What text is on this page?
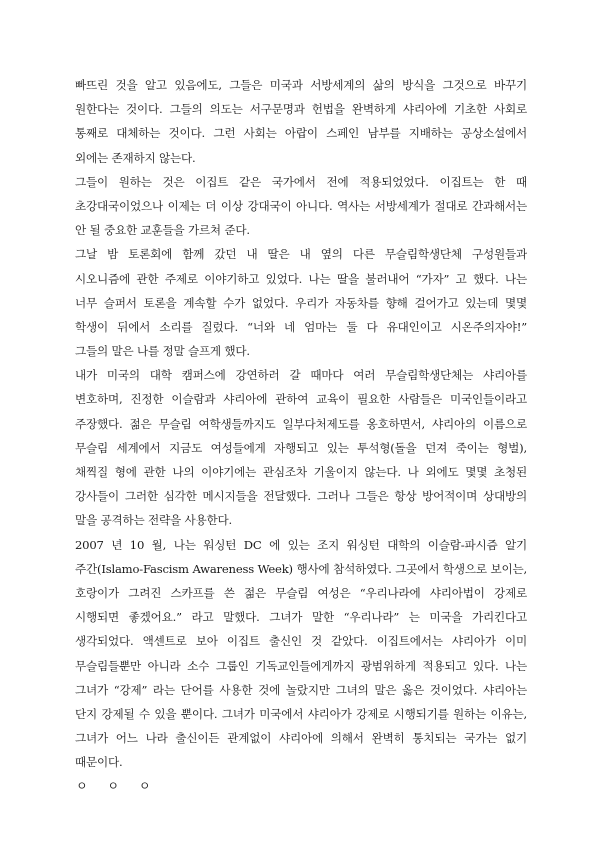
빠뜨린 것을 알고 있음에도, 그들은 미국과 서방세계의 삶의 방식을 그것으로 바꾸기
원한다는 것이다. 그들의 의도는 서구문명과 헌법을 완벽하게 샤리아에 기초한 사회로
통째로 대체하는 것이다. 그런 사회는 아랍이 스페인 남부를 지배하는 공상소설에서
외에는 존재하지 않는다.
그들이 원하는 것은 이집트 같은 국가에서 전에 적용되었었다. 이집트는 한 때
초강대국이었으나 이제는 더 이상 강대국이 아니다. 역사는 서방세계가 절대로 간과해서는
안 될 중요한 교훈들을 가르쳐 준다.
그날 밤 토론회에 함께 갔던 내 딸은 내 옆의 다른 무슬림학생단체 구성원들과
시오니즘에 관한 주제로 이야기하고 있었다. 나는 딸을 불러내어 “가자” 고 했다. 나는
너무 슬퍼서 토론을 계속할 수가 없었다. 우리가 자동차를 향해 걸어가고 있는데 몇몇
학생이 뒤에서 소리를 질렀다. “너와 네 엄마는 둘 다 유대인이고 시온주의자야!”
그들의 말은 나를 정말 슬프게 했다.
내가 미국의 대학 캠퍼스에 강연하러 갈 때마다 여러 무슬림학생단체는 샤리아를
변호하며, 진정한 이슬람과 샤리아에 관하여 교육이 필요한 사람들은 미국인들이라고
주장했다. 젊은 무슬림 여학생들까지도 일부다처제도를 옹호하면서, 샤리아의 이름으로
무슬림 세계에서 지금도 여성들에게 자행되고 있는 투석형(돌을 던져 죽이는 형벌),
채찍질 형에 관한 나의 이야기에는 관심조차 기울이지 않는다. 나 외에도 몇몇 초청된
강사들이 그러한 심각한 메시지들을 전달했다. 그러나 그들은 항상 방어적이며 상대방의
말을 공격하는 전략을 사용한다.
2007 년 10 월, 나는 워싱턴 DC 에 있는 조지 워싱턴 대학의 이슬람-파시즘 알기
주간(Islamo-Fascism Awareness Week) 행사에 참석하였다. 그곳에서 학생으로 보이는,
호랑이가 그려진 스카프를 쓴 젊은 무슬림 여성은 “우리나라에 샤리아법이 강제로
시행되면 좋겠어요.” 라고 말했다. 그녀가 말한 “우리나라” 는 미국을 가리킨다고
생각되었다. 액센트로 보아 이집트 출신인 것 같았다. 이집트에서는 샤리아가 이미
무슬림들뿐만 아니라 소수 그룹인 기독교인들에게까지 광범위하게 적용되고 있다. 나는
그녀가 “강제” 라는 단어를 사용한 것에 놀랐지만 그녀의 말은 옳은 것이었다. 샤리아는
단지 강제될 수 있을 뿐이다. 그녀가 미국에서 샤리아가 강제로 시행되기를 원하는 이유는,
그녀가 어느 나라 출신이든 관계없이 샤리아에 의해서 완벽히 통치되는 국가는 없기
때문이다.
ㅇ ㅇ ㅇ
